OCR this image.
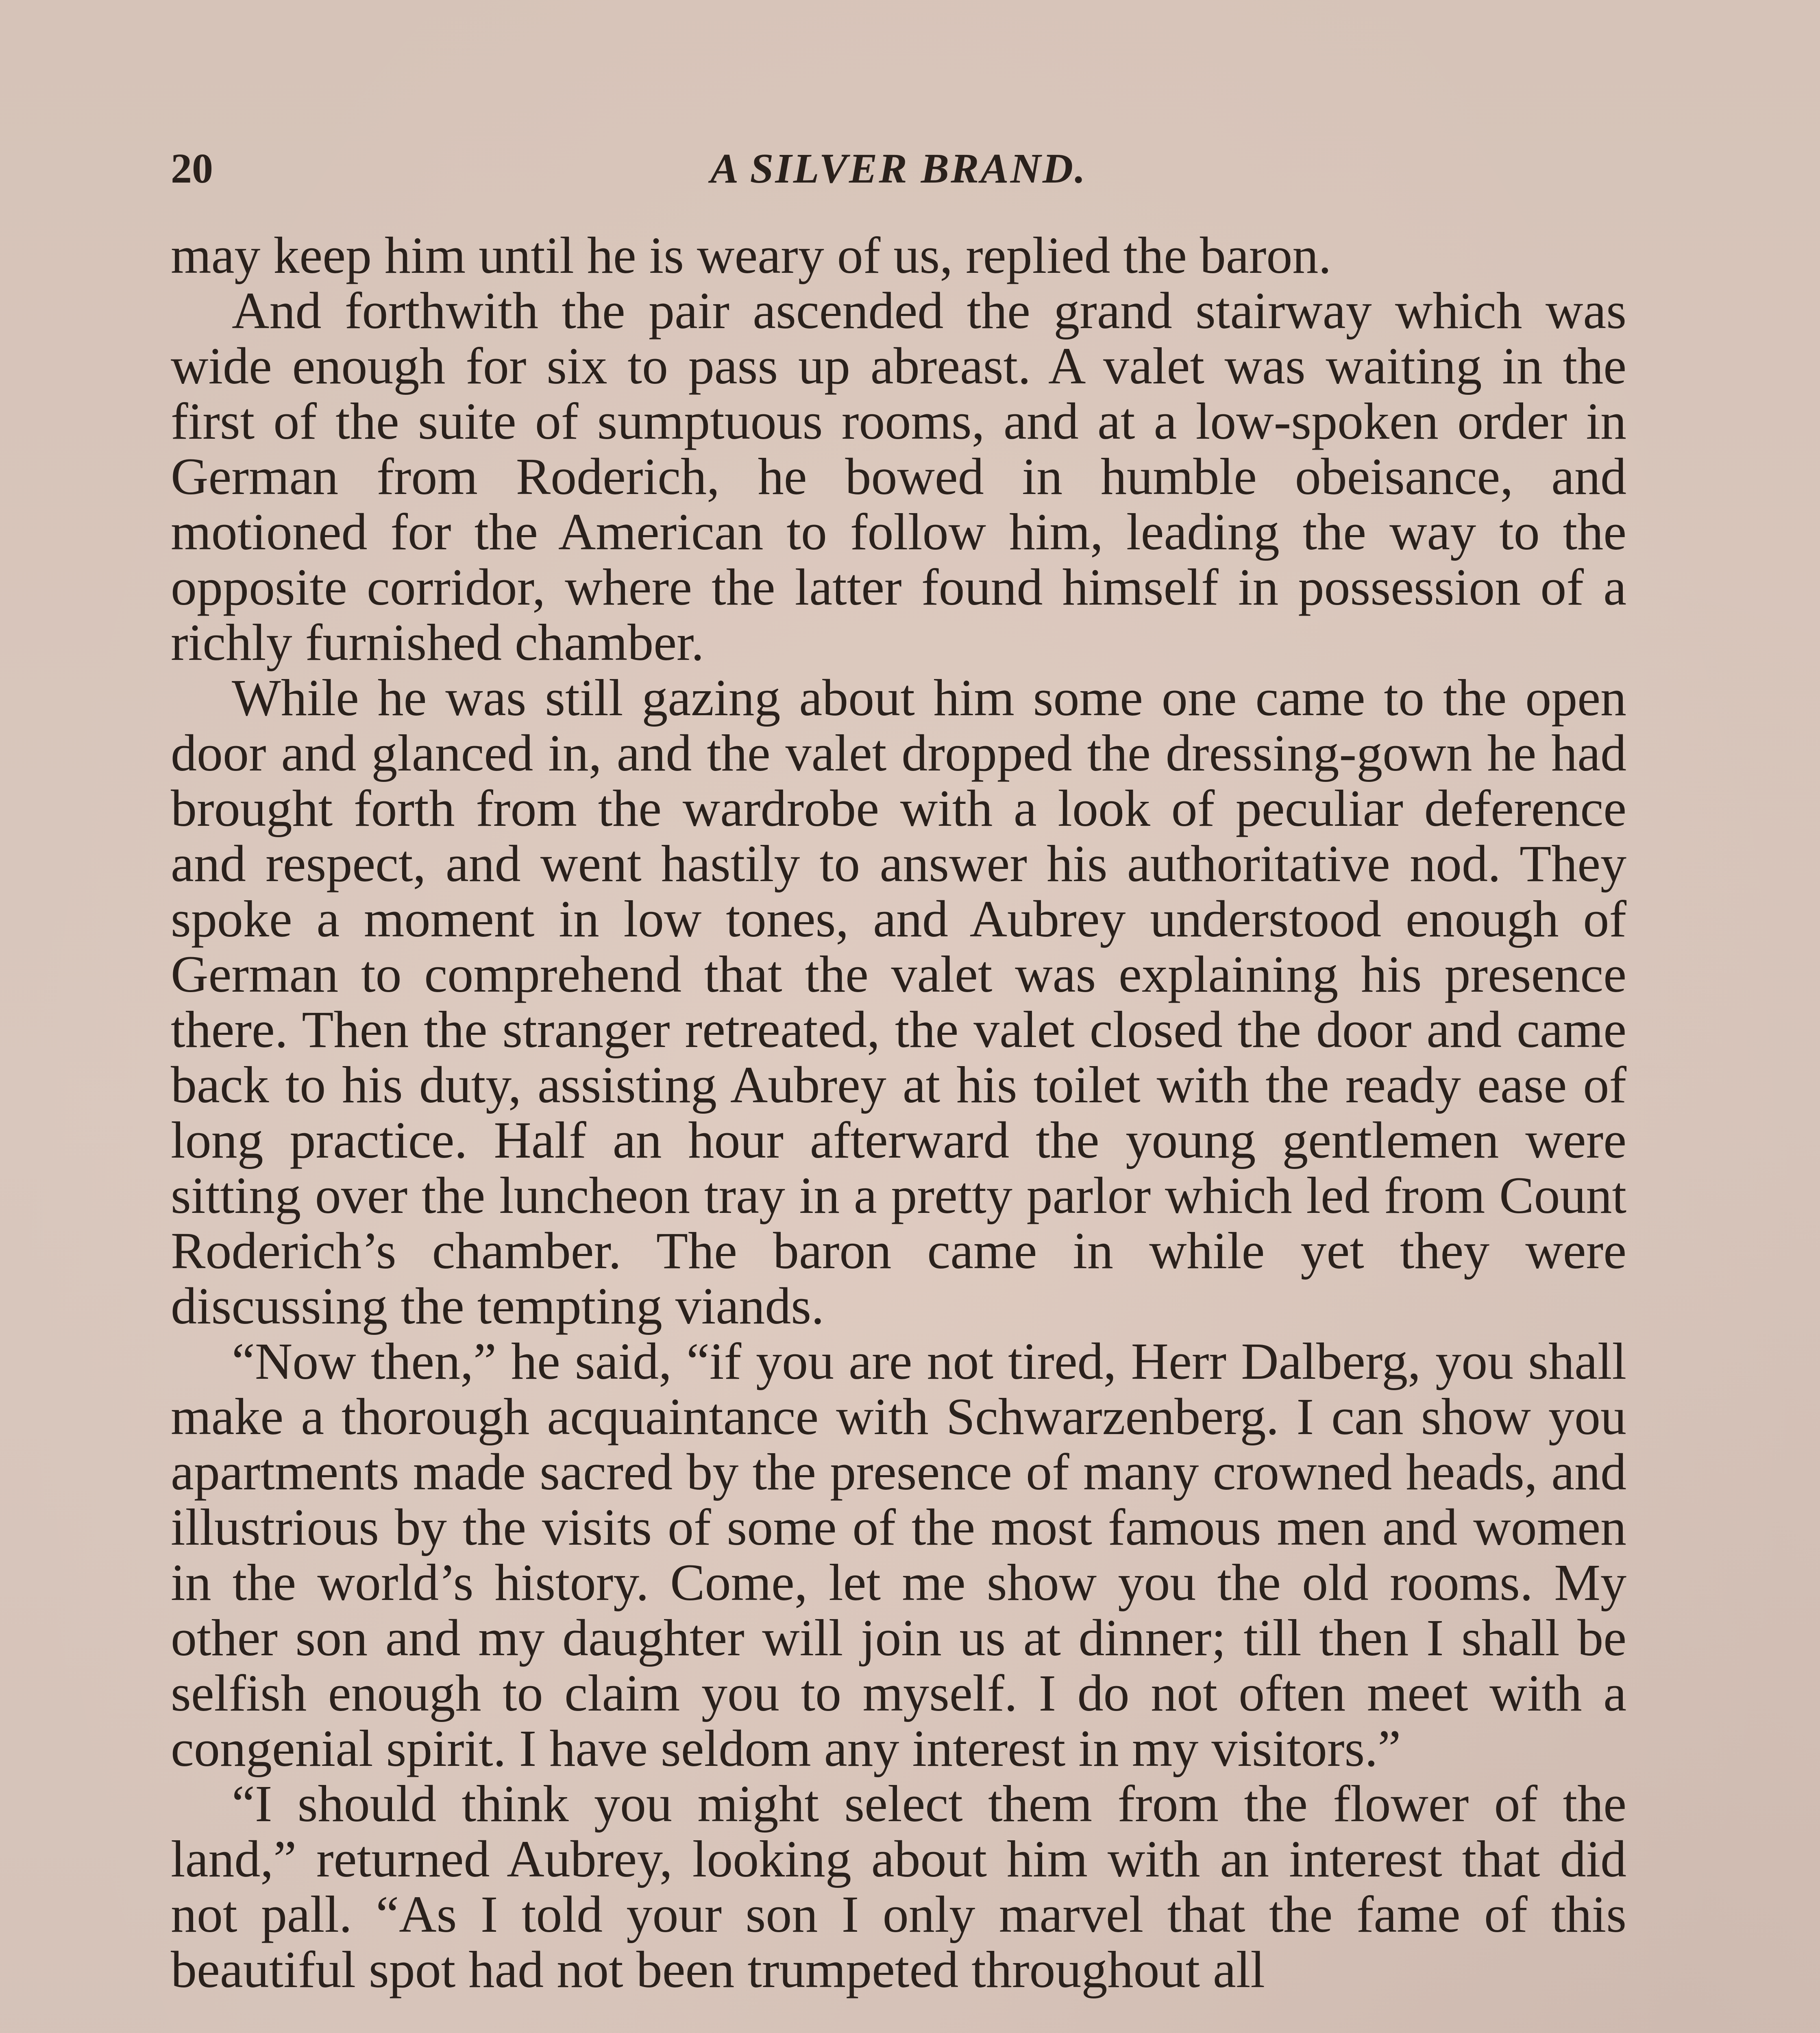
20	A SILVER BRAND.

may keep him until he is weary of us, replied the baron.

And forthwith the pair ascended the grand stairway which was wide enough for six to pass up abreast. A valet was waiting in the first of the suite of sumptuous rooms, and at a low-spoken order in German from Roderich, he bowed in humble obeisance, and motioned for the American to follow him, leading the way to the opposite corridor, where the latter found himself in possession of a richly furnished chamber.

While he was still gazing about him some one came to the open door and glanced in, and the valet dropped the dressing-gown he had brought forth from the wardrobe with a look of peculiar deference and respect, and went hastily to answer his authoritative nod. They spoke a moment in low tones, and Aubrey understood enough of German to comprehend that the valet was explaining his presence there. Then the stranger retreated, the valet closed the door and came back to his duty, assisting Aubrey at his toilet with the ready ease of long practice. Half an hour afterward the young gentlemen were sitting over the luncheon tray in a pretty parlor which led from Count Roderich’s chamber. The baron came in while yet they were discussing the tempting viands.

“Now then,” he said, “if you are not tired, Herr Dalberg, you shall make a thorough acquaintance with Schwarzenberg. I can show you apartments made sacred by the presence of many crowned heads, and illustrious by the visits of some of the most famous men and women in the world’s history. Come, let me show you the old rooms. My other son and my daughter will join us at dinner; till then I shall be selfish enough to claim you to myself. I do not often meet with a congenial spirit. I have seldom any interest in my visitors.”

“I should think you might select them from the flower of the land,” returned Aubrey, looking about him with an interest that did not pall. “As I told your son I only marvel that the fame of this beautiful spot had not been trumpeted throughout all
